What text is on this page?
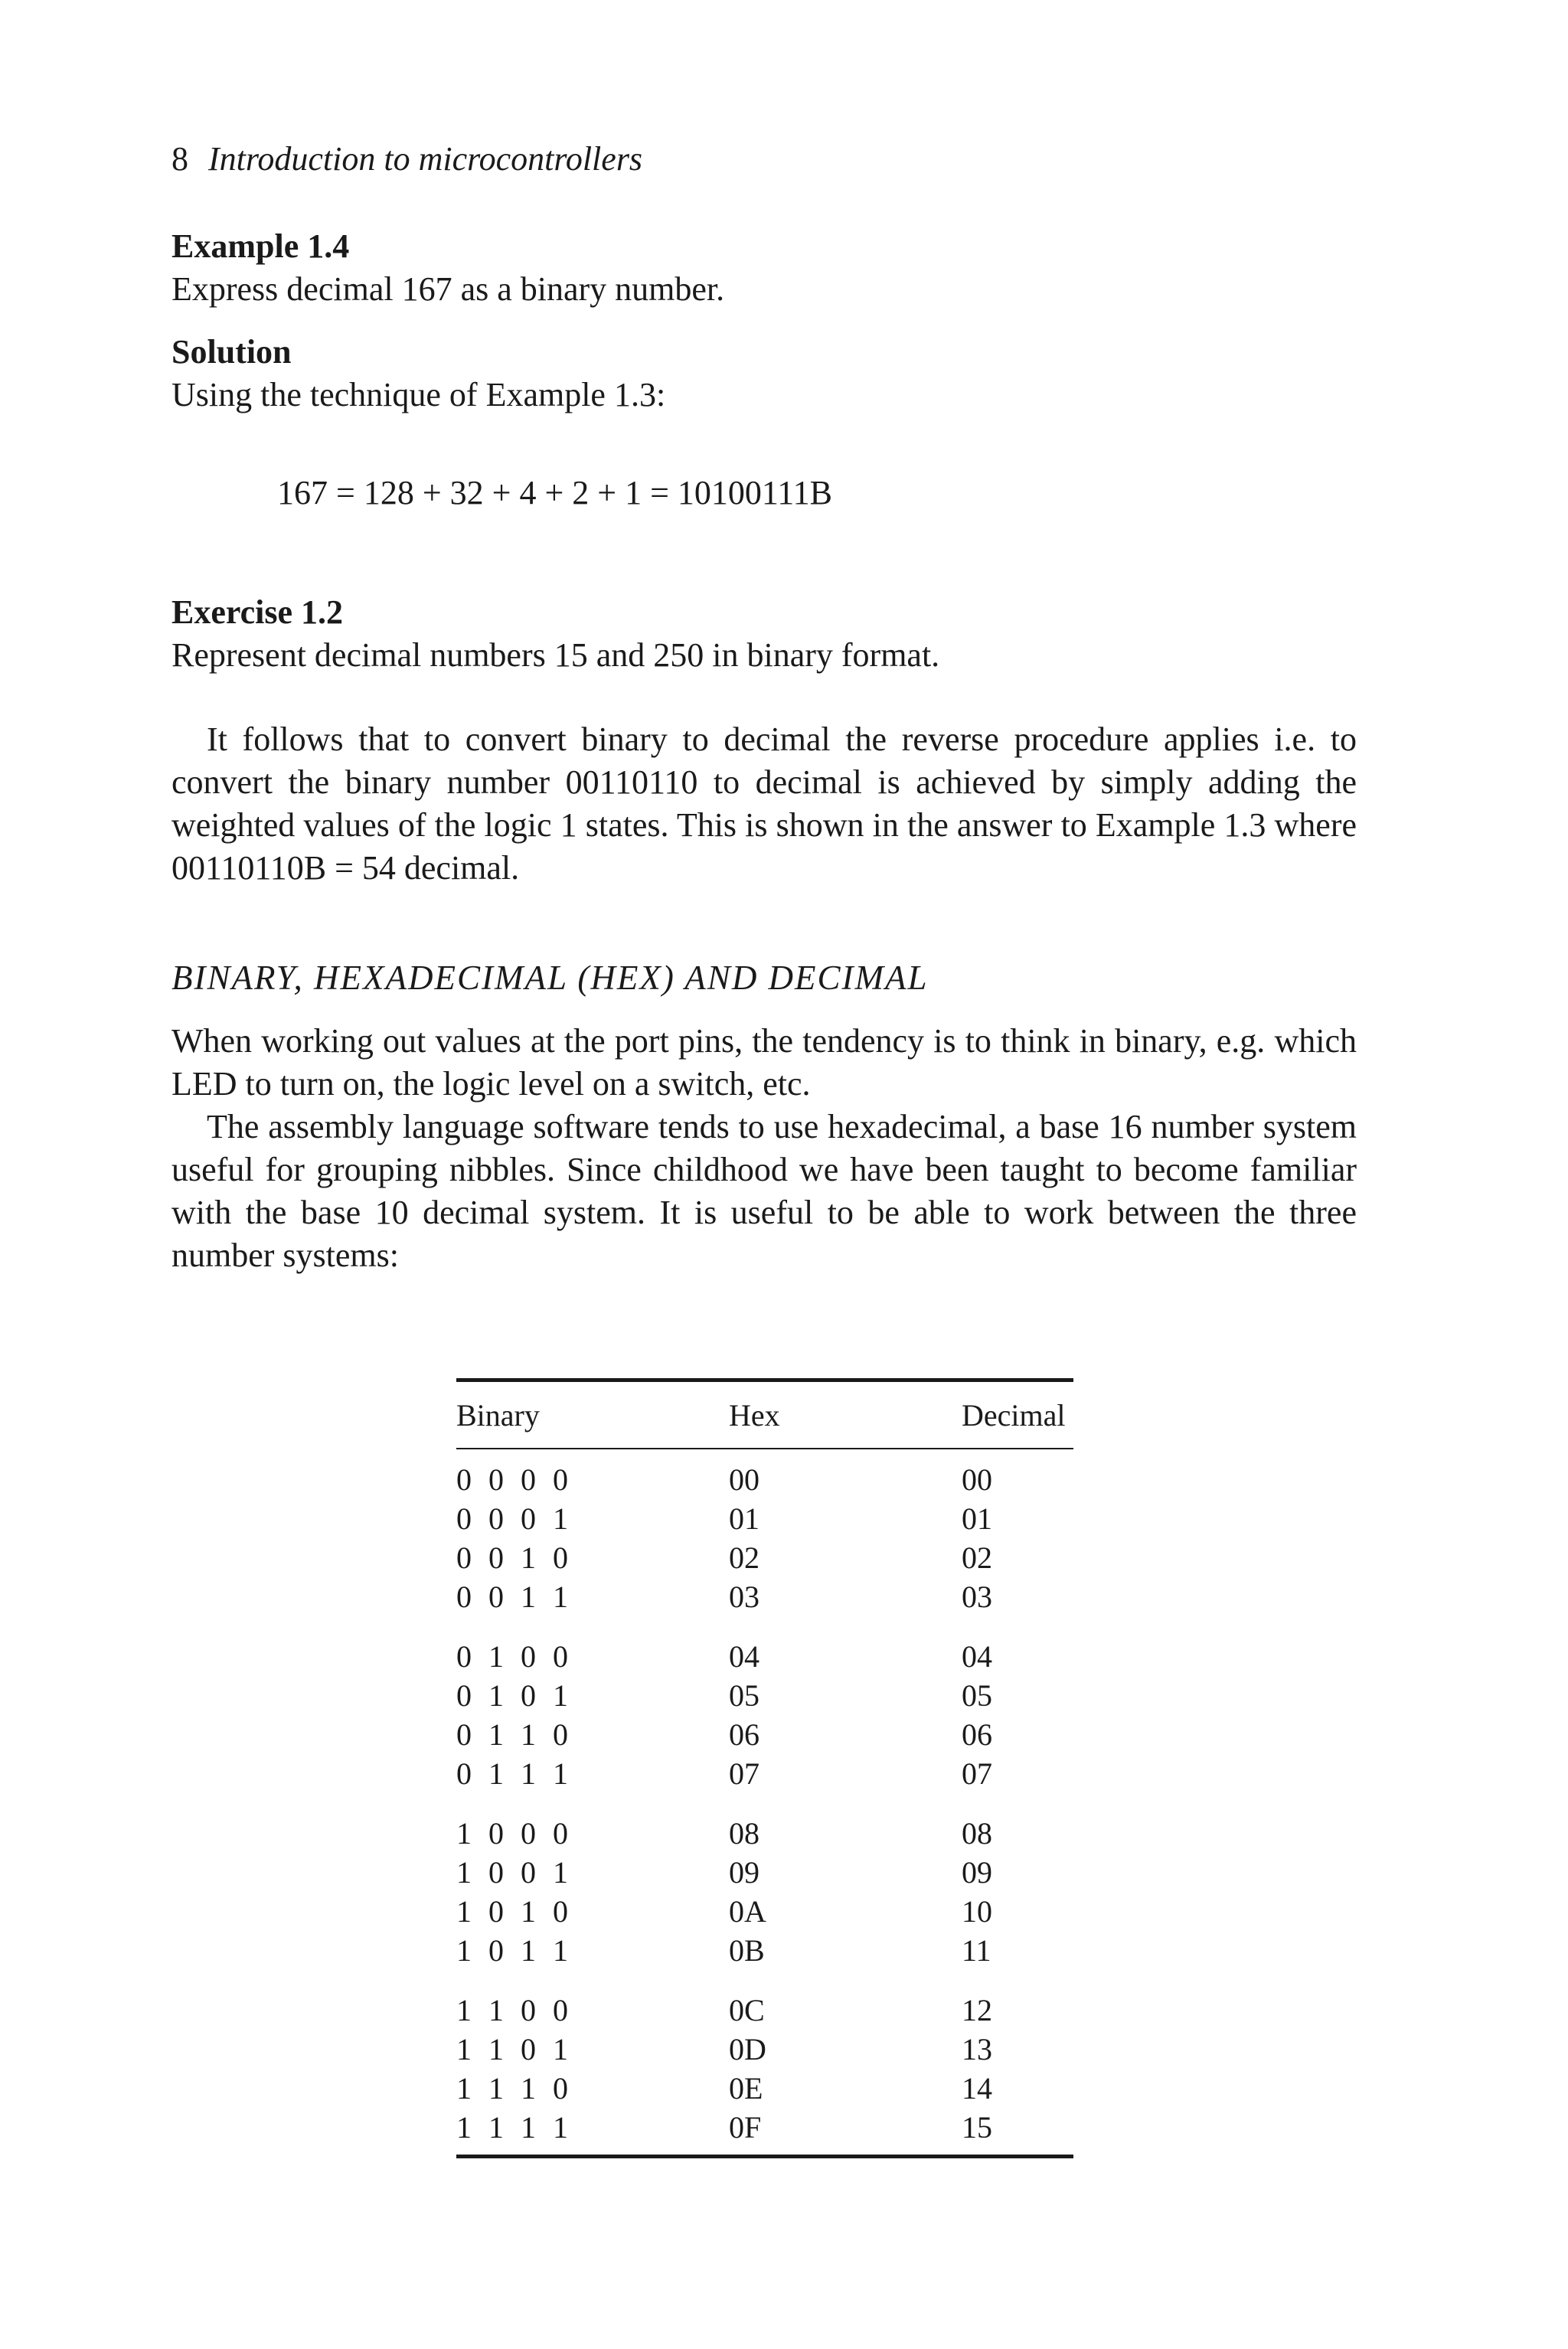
8 Introduction to microcontrollers
Example 1.4
Express decimal 167 as a binary number.
Solution
Using the technique of Example 1.3:
167 = 128 + 32 + 4 + 2 + 1 = 10100111B
Exercise 1.2
Represent decimal numbers 15 and 250 in binary format.

It follows that to convert binary to decimal the reverse procedure applies i.e. to convert the binary number 00110110 to decimal is achieved by simply adding the weighted values of the logic 1 states. This is shown in the answer to Example 1.3 where 00110110B = 54 decimal.

BINARY, HEXADECIMAL (HEX) AND DECIMAL

When working out values at the port pins, the tendency is to think in binary, e.g. which LED to turn on, the logic level on a switch, etc.

The assembly language software tends to use hexadecimal, a base 16 number system useful for grouping nibbles. Since childhood we have been taught to become familiar with the base 10 decimal system. It is useful to be able to work between the three number systems:

Binary	Hex	Decimal
0 0 0 0	00	00
0 0 0 1	01	01
0 0 1 0	02	02
0 0 1 1	03	03
0 1 0 0	04	04
0 1 0 1	05	05
0 1 1 0	06	06
0 1 1 1	07	07
1 0 0 0	08	08
1 0 0 1	09	09
1 0 1 0	0A	10
1 0 1 1	0B	11
1 1 0 0	0C	12
1 1 0 1	0D	13
1 1 1 0	0E	14
1 1 1 1	0F	15
